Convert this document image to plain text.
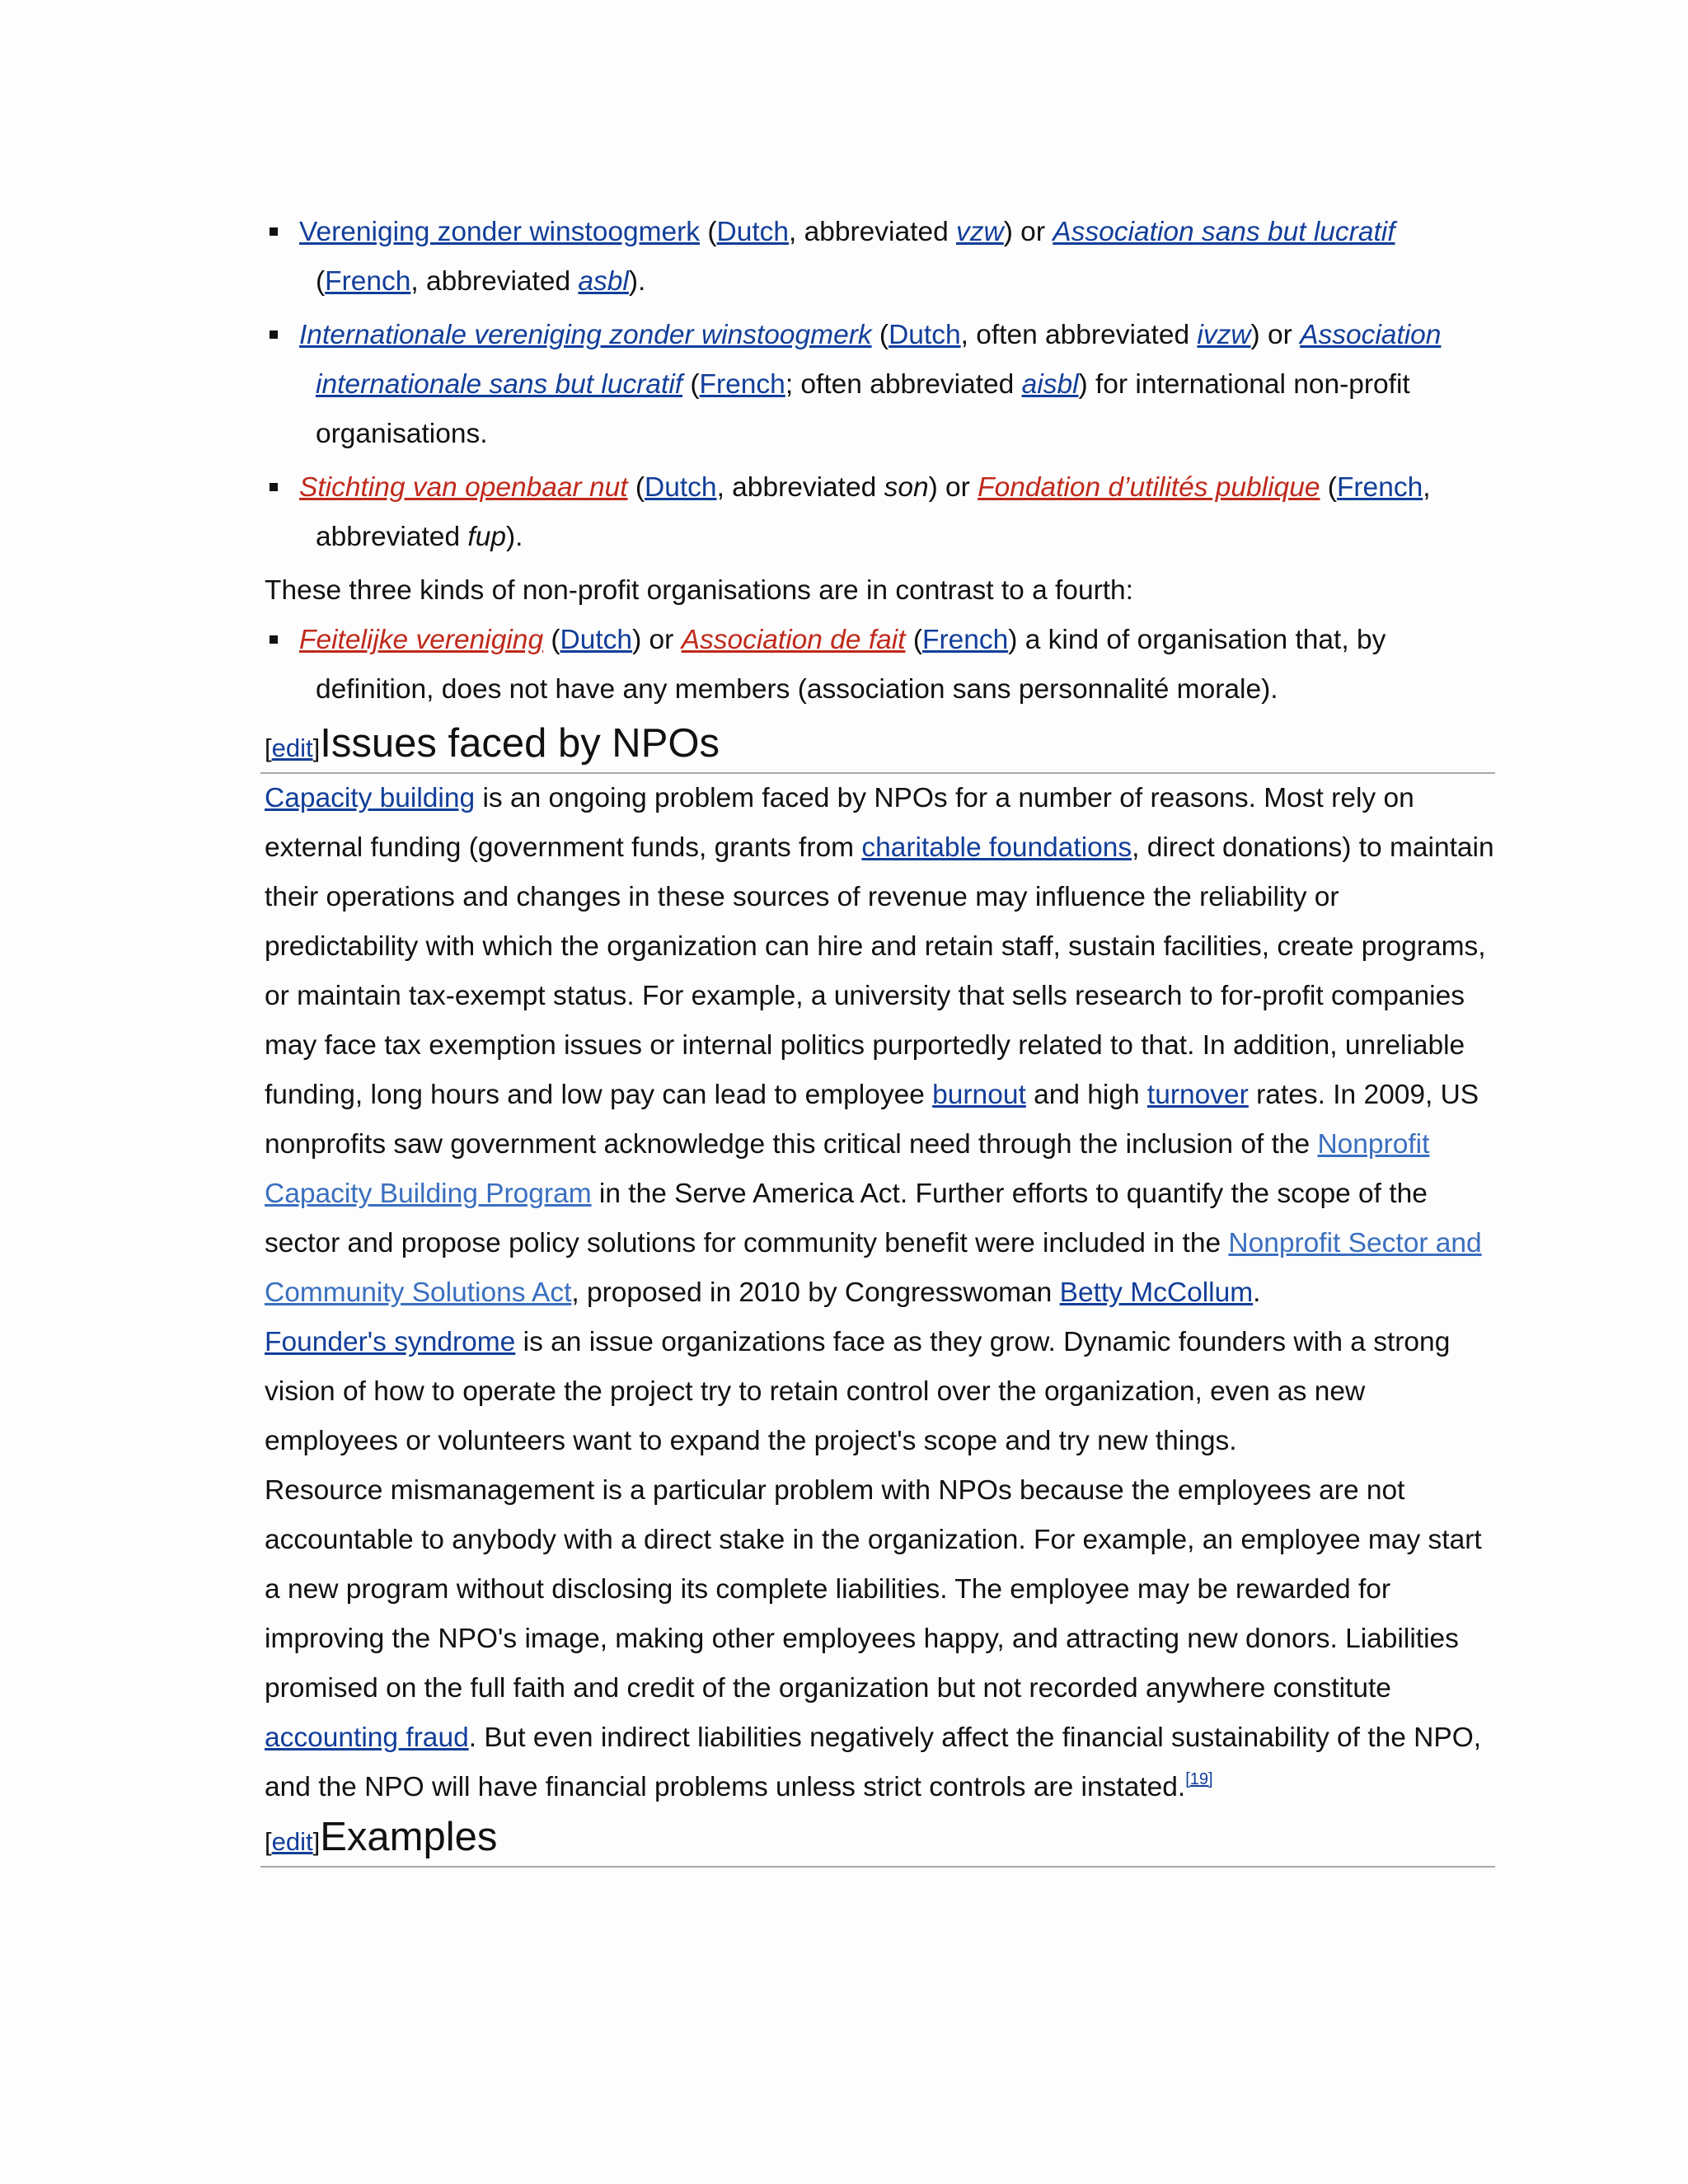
Vereniging zonder winstoogmerk (Dutch, abbreviated vzw) or Association sans but lucratif (French, abbreviated asbl).
Internationale vereniging zonder winstoogmerk (Dutch, often abbreviated ivzw) or Association internationale sans but lucratif (French; often abbreviated aisbl) for international non-profit organisations.
Stichting van openbaar nut (Dutch, abbreviated son) or Fondation d’utilités publique (French, abbreviated fup).

These three kinds of non-profit organisations are in contrast to a fourth:

Feitelijke vereniging (Dutch) or Association de fait (French) a kind of organisation that, by definition, does not have any members (association sans personnalité morale).
[edit]Issues faced by NPOs

Capacity building is an ongoing problem faced by NPOs for a number of reasons. Most rely on external funding (government funds, grants from charitable foundations, direct donations) to maintain their operations and changes in these sources of revenue may influence the reliability or predictability with which the organization can hire and retain staff, sustain facilities, create programs, or maintain tax-exempt status. For example, a university that sells research to for-profit companies may face tax exemption issues or internal politics purportedly related to that. In addition, unreliable funding, long hours and low pay can lead to employee burnout and high turnover rates. In 2009, US nonprofits saw government acknowledge this critical need through the inclusion of the Nonprofit Capacity Building Program in the Serve America Act. Further efforts to quantify the scope of the sector and propose policy solutions for community benefit were included in the Nonprofit Sector and Community Solutions Act, proposed in 2010 by Congresswoman Betty McCollum.

Founder's syndrome is an issue organizations face as they grow. Dynamic founders with a strong vision of how to operate the project try to retain control over the organization, even as new employees or volunteers want to expand the project's scope and try new things.

Resource mismanagement is a particular problem with NPOs because the employees are not accountable to anybody with a direct stake in the organization. For example, an employee may start a new program without disclosing its complete liabilities. The employee may be rewarded for improving the NPO's image, making other employees happy, and attracting new donors. Liabilities promised on the full faith and credit of the organization but not recorded anywhere constitute accounting fraud. But even indirect liabilities negatively affect the financial sustainability of the NPO, and the NPO will have financial problems unless strict controls are instated.[19]

[edit]Examples
